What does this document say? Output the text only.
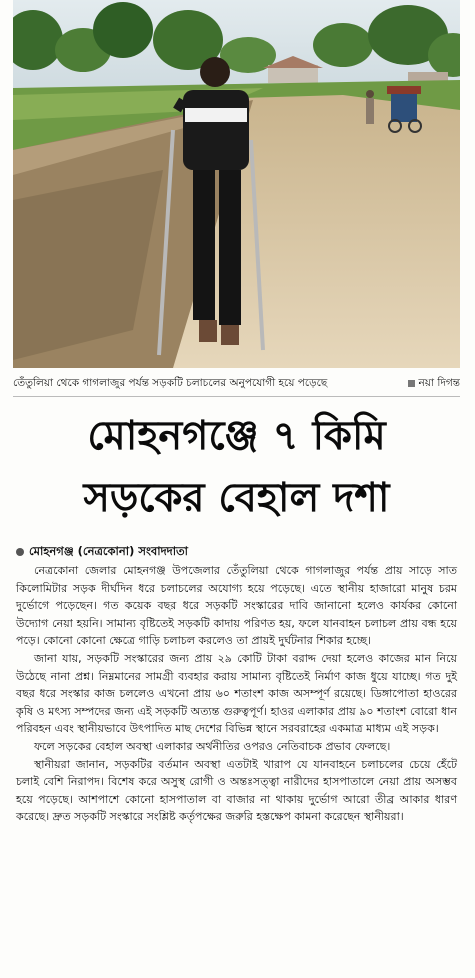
তেঁতুলিয়া থেকে গাগলাজুর পর্যন্ত সড়কটি চলাচলের অনুপযোগী হয়ে পড়েছে	নয়া দিগন্ত
মোহনগঞ্জে ৭ কিমি
সড়কের বেহাল দশা
মোহনগঞ্জ (নেত্রকোনা) সংবাদদাতা

নেত্রকোনা জেলার মোহনগঞ্জ উপজেলার তেঁতুলিয়া থেকে গাগলাজুর পর্যন্ত প্রায় সাড়ে সাত কিলোমিটার সড়ক দীর্ঘদিন ধরে চলাচলের অযোগ্য হয়ে পড়েছে। এতে স্থানীয় হাজারো মানুষ চরম দুর্ভোগে পড়েছেন। গত কয়েক বছর ধরে সড়কটি সংস্কারের দাবি জানানো হলেও কার্যকর কোনো উদ্যোগ নেয়া হয়নি। সামান্য বৃষ্টিতেই সড়কটি কাদায় পরিণত হয়, ফলে যানবাহন চলাচল প্রায় বন্ধ হয়ে পড়ে। কোনো কোনো ক্ষেত্রে গাড়ি চলাচল করলেও তা প্রায়ই দুর্ঘটনার শিকার হচ্ছে।

জানা যায়, সড়কটি সংস্কারের জন্য প্রায় ২৯ কোটি টাকা বরাদ্দ দেয়া হলেও কাজের মান নিয়ে উঠেছে নানা প্রশ্ন। নিম্নমানের সামগ্রী ব্যবহার করায় সামান্য বৃষ্টিতেই নির্মাণ কাজ ধুয়ে যাচ্ছে। গত দুই বছর ধরে সংস্কার কাজ চললেও এখনো প্রায় ৬০ শতাংশ কাজ অসম্পূর্ণ রয়েছে। ডিঙ্গাপোতা হাওরের কৃষি ও মৎস্য সম্পদের জন্য এই সড়কটি অত্যন্ত গুরুত্বপূর্ণ। হাওর এলাকার প্রায় ৯০ শতাংশ বোরো ধান পরিবহন এবং স্থানীয়ভাবে উৎপাদিত মাছ দেশের বিভিন্ন স্থানে সরবরাহের একমাত্র মাধ্যম এই সড়ক।

ফলে সড়কের বেহাল অবস্থা এলাকার অর্থনীতির ওপরও নেতিবাচক প্রভাব ফেলছে।

স্থানীয়রা জানান, সড়কটির বর্তমান অবস্থা এতটাই খারাপ যে যানবাহনে চলাচলের চেয়ে হেঁটে চলাই বেশি নিরাপদ। বিশেষ করে অসুস্থ রোগী ও অন্তঃসত্ত্বা নারীদের হাসপাতালে নেয়া প্রায় অসম্ভব হয়ে পড়েছে। আশপাশে কোনো হাসপাতাল বা বাজার না থাকায় দুর্ভোগ আরো তীব্র আকার ধারণ করেছে। দ্রুত সড়কটি সংস্কারে সংশ্লিষ্ট কর্তৃপক্ষের জরুরি হস্তক্ষেপ কামনা করেছেন স্থানীয়রা।
